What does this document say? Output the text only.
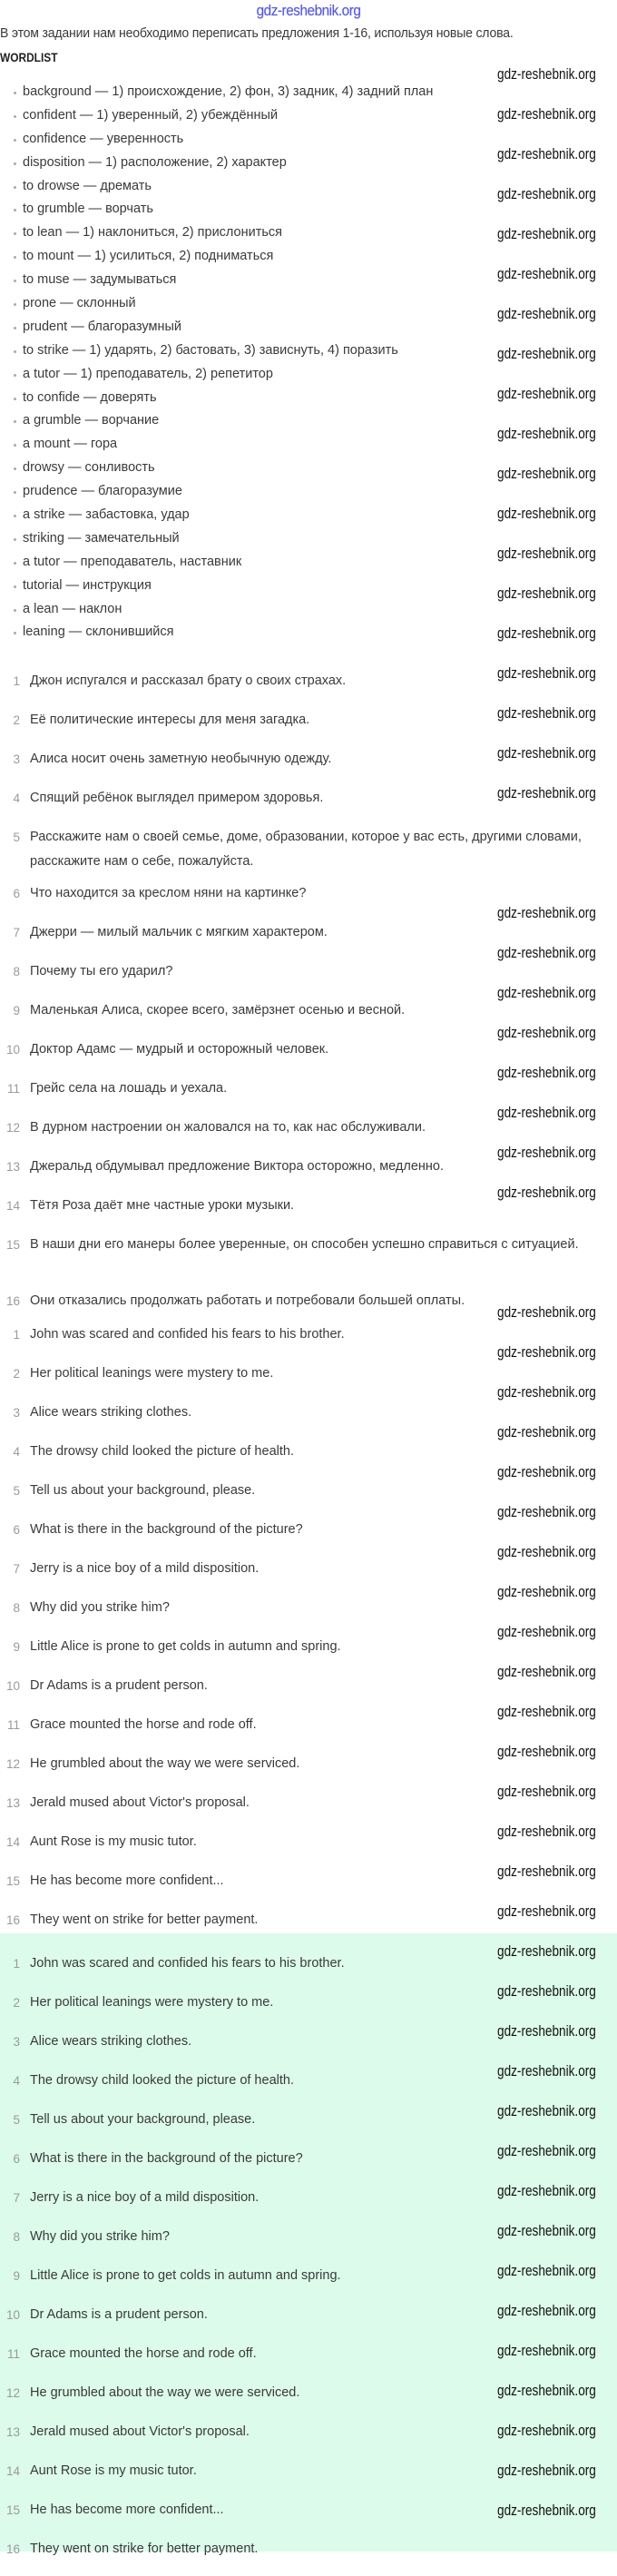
gdz-reshebnik.org
В этом задании нам необходимо переписать предложения 1-16, используя новые слова.
WORDLIST
background — 1) происхождение, 2) фон, 3) задник, 4) задний план
confident — 1) уверенный, 2) убеждённый
confidence — уверенность
disposition — 1) расположение, 2) характер
to drowse — дремать
to grumble — ворчать
to lean — 1) наклониться, 2) прислониться
to mount — 1) усилиться, 2) подниматься
to muse — задумываться
prone — склонный
prudent — благоразумный
to strike — 1) ударять, 2) бастовать, 3) зависнуть, 4) поразить
a tutor — 1) преподаватель, 2) репетитор
to confide — доверять
a grumble — ворчание
a mount — гора
drowsy — сонливость
prudence — благоразумие
a strike — забастовка, удар
striking — замечательный
a tutor — преподаватель, наставник
tutorial — инструкция
a lean — наклон
leaning — склонившийся
1 Джон испугался и рассказал брату о своих страхах.
2 Её политические интересы для меня загадка.
3 Алиса носит очень заметную необычную одежду.
4 Спящий ребёнок выглядел примером здоровья.
5 Расскажите нам о своей семье, доме, образовании, которое у вас есть, другими словами, расскажите нам о себе, пожалуйста.
6 Что находится за креслом няни на картинке?
7 Джерри — милый мальчик с мягким характером.
8 Почему ты его ударил?
9 Маленькая Алиса, скорее всего, замёрзнет осенью и весной.
10 Доктор Адамс — мудрый и осторожный человек.
11 Грейс села на лошадь и уехала.
12 В дурном настроении он жаловался на то, как нас обслуживали.
13 Джеральд обдумывал предложение Виктора осторожно, медленно.
14 Тётя Роза даёт мне частные уроки музыки.
15 В наши дни его манеры более уверенные, он способен успешно справиться с ситуацией.
16 Они отказались продолжать работать и потребовали большей оплаты.
1 John was scared and confided his fears to his brother.
2 Her political leanings were mystery to me.
3 Alice wears striking clothes.
4 The drowsy child looked the picture of health.
5 Tell us about your background, please.
6 What is there in the background of the picture?
7 Jerry is a nice boy of a mild disposition.
8 Why did you strike him?
9 Little Alice is prone to get colds in autumn and spring.
10 Dr Adams is a prudent person.
11 Grace mounted the horse and rode off.
12 He grumbled about the way we were serviced.
13 Jerald mused about Victor's proposal.
14 Aunt Rose is my music tutor.
15 He has become more confident...
16 They went on strike for better payment.
1 John was scared and confided his fears to his brother.
2 Her political leanings were mystery to me.
3 Alice wears striking clothes.
4 The drowsy child looked the picture of health.
5 Tell us about your background, please.
6 What is there in the background of the picture?
7 Jerry is a nice boy of a mild disposition.
8 Why did you strike him?
9 Little Alice is prone to get colds in autumn and spring.
10 Dr Adams is a prudent person.
11 Grace mounted the horse and rode off.
12 He grumbled about the way we were serviced.
13 Jerald mused about Victor's proposal.
14 Aunt Rose is my music tutor.
15 He has become more confident...
16 They went on strike for better payment.
gdz-reshebnik.org
gdz-reshebnik.org
gdz-reshebnik.org
gdz-reshebnik.org
gdz-reshebnik.org
gdz-reshebnik.org
gdz-reshebnik.org
gdz-reshebnik.org
gdz-reshebnik.org
gdz-reshebnik.org
gdz-reshebnik.org
gdz-reshebnik.org
gdz-reshebnik.org
gdz-reshebnik.org
gdz-reshebnik.org
gdz-reshebnik.org
gdz-reshebnik.org
gdz-reshebnik.org
gdz-reshebnik.org
gdz-reshebnik.org
gdz-reshebnik.org
gdz-reshebnik.org
gdz-reshebnik.org
gdz-reshebnik.org
gdz-reshebnik.org
gdz-reshebnik.org
gdz-reshebnik.org
gdz-reshebnik.org
gdz-reshebnik.org
gdz-reshebnik.org
gdz-reshebnik.org
gdz-reshebnik.org
gdz-reshebnik.org
gdz-reshebnik.org
gdz-reshebnik.org
gdz-reshebnik.org
gdz-reshebnik.org
gdz-reshebnik.org
gdz-reshebnik.org
gdz-reshebnik.org
gdz-reshebnik.org
gdz-reshebnik.org
gdz-reshebnik.org
gdz-reshebnik.org
gdz-reshebnik.org
gdz-reshebnik.org
gdz-reshebnik.org
gdz-reshebnik.org
gdz-reshebnik.org
gdz-reshebnik.org
gdz-reshebnik.org
gdz-reshebnik.org
gdz-reshebnik.org
gdz-reshebnik.org
gdz-reshebnik.org
gdz-reshebnik.org
gdz-reshebnik.org
gdz-reshebnik.org
